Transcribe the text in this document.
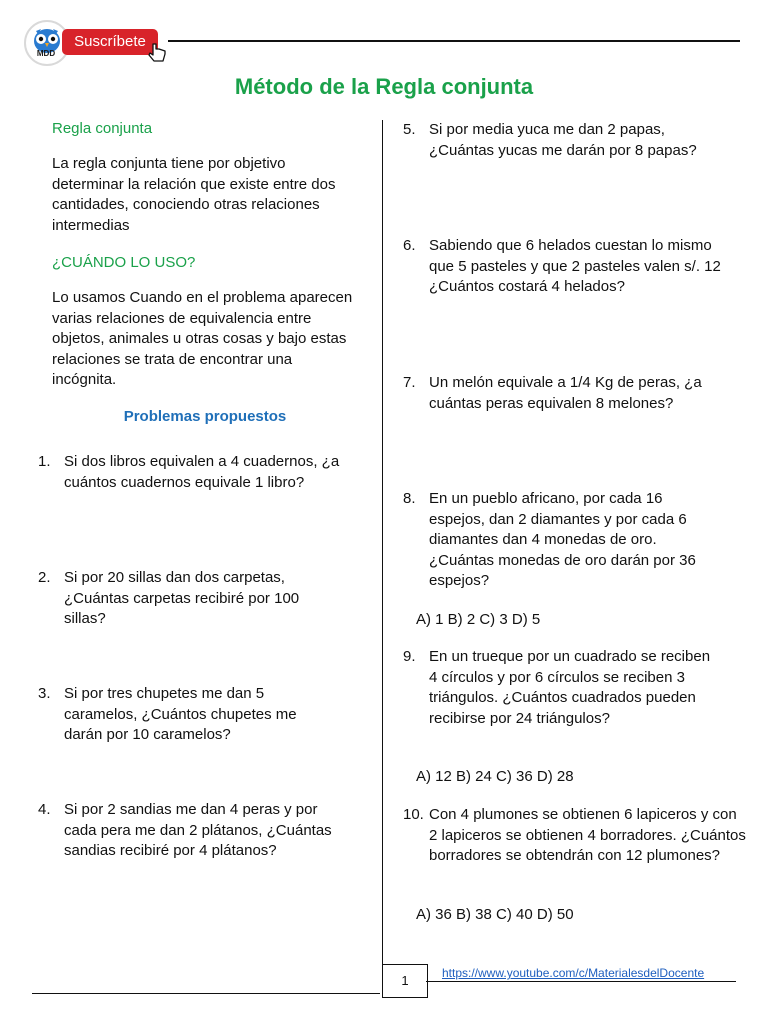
MDD
Suscríbete
Método de la Regla conjunta

Regla conjunta

La regla conjunta tiene por objetivo determinar la relación que existe entre dos cantidades, conociendo otras relaciones intermedias

¿CUÁNDO LO USO?

Lo usamos Cuando en el problema aparecen varias relaciones de equivalencia entre objetos, animales u otras cosas y bajo estas relaciones se trata de encontrar una incógnita.

Problemas propuestos

1. Si dos libros equivalen a 4 cuadernos, ¿a cuántos cuadernos equivale 1 libro?
2. Si por 20 sillas dan dos carpetas, ¿Cuántas carpetas recibiré por 100 sillas?
3. Si por tres chupetes me dan 5 caramelos, ¿Cuántos chupetes me darán por 10 caramelos?
4. Si por 2 sandias me dan 4 peras y por cada pera me dan 2 plátanos, ¿Cuántas sandias recibiré por 4 plátanos?
5. Si por media yuca me dan 2 papas, ¿Cuántas yucas me darán por 8 papas?
6. Sabiendo que 6 helados cuestan lo mismo que 5 pasteles y que 2 pasteles valen s/. 12 ¿Cuántos costará 4 helados?
7. Un melón equivale a 1/4 Kg de peras, ¿a cuántas peras equivalen 8 melones?
8. En un pueblo africano, por cada 16 espejos, dan 2 diamantes y por cada 6 diamantes dan 4 monedas de oro. ¿Cuántas monedas de oro darán por 36 espejos?
A) 1 B) 2 C) 3 D) 5
9. En un trueque por un cuadrado se reciben 4 círculos y por 6 círculos se reciben 3 triángulos. ¿Cuántos cuadrados pueden recibirse por 24 triángulos?
A) 12 B) 24 C) 36 D) 28
10. Con 4 plumones se obtienen 6 lapiceros y con 2 lapiceros se obtienen 4 borradores. ¿Cuántos borradores se obtendrán con 12 plumones?
A) 36 B) 38 C) 40 D) 50
1	https://www.youtube.com/c/MaterialesdelDocente
